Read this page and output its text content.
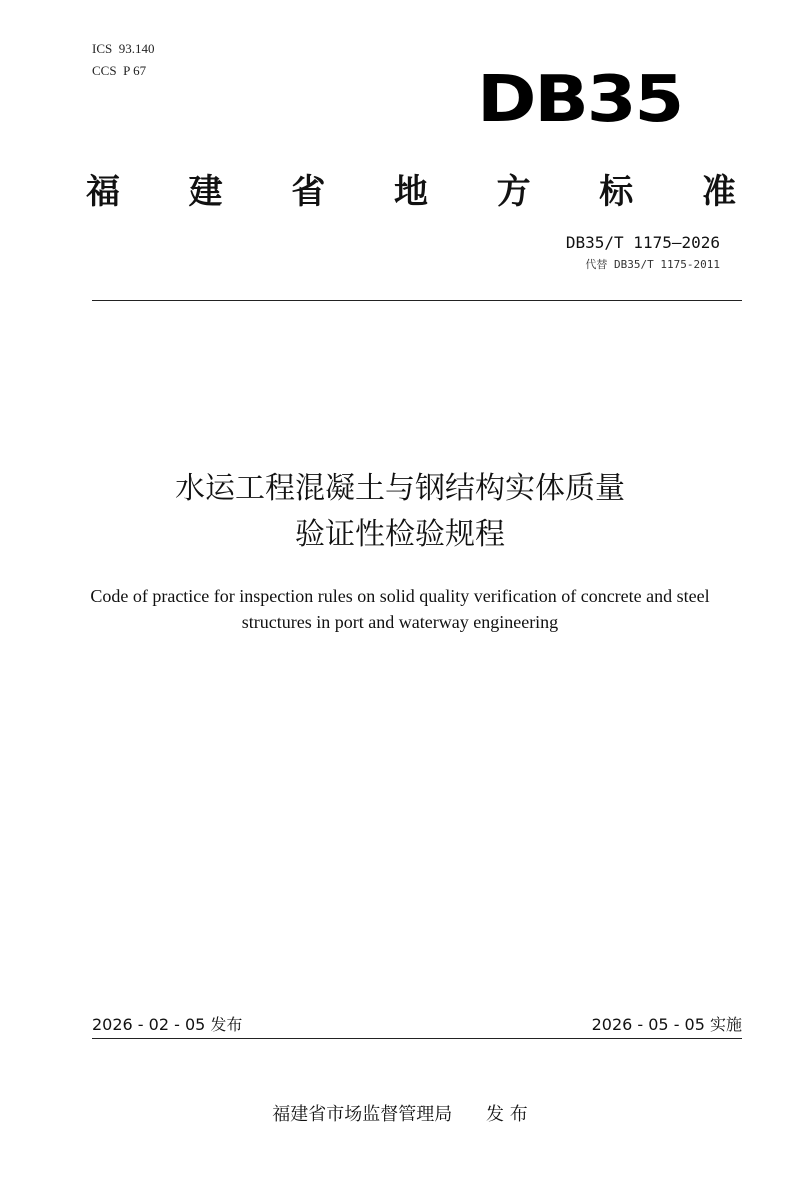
ICS  93.140
CCS  P 67	DB35
福 建 省 地 方 标 准
DB35/T 1175—2026
代替 DB35/T 1175-2011
水运工程混凝土与钢结构实体质量
验证性检验规程
Code of practice for inspection rules on solid quality verification of concrete and steel
structures in port and waterway engineering
2026 - 02 - 05 发布	2026 - 05 - 05 实施
福建省市场监督管理局 发 布
